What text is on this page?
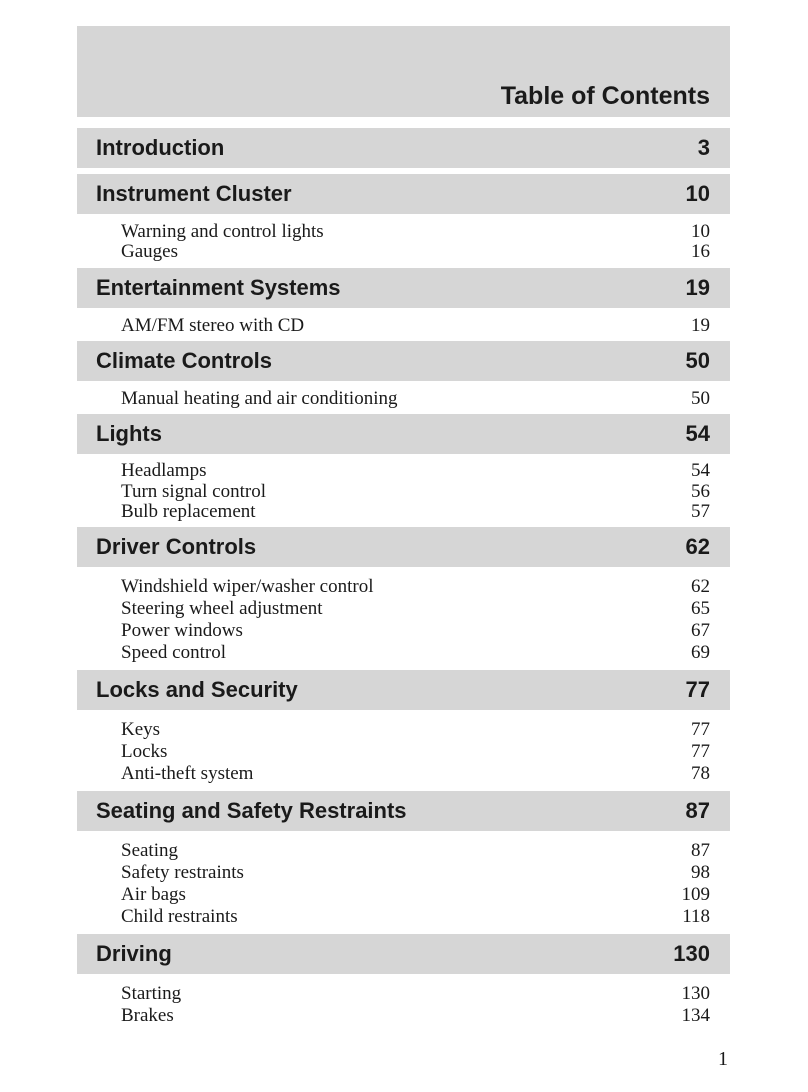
Table of Contents
Introduction	3
Instrument Cluster	10
Warning and control lights	10
Gauges	16
Entertainment Systems	19
AM/FM stereo with CD	19
Climate Controls	50
Manual heating and air conditioning	50
Lights	54
Headlamps	54
Turn signal control	56
Bulb replacement	57
Driver Controls	62
Windshield wiper/washer control	62
Steering wheel adjustment	65
Power windows	67
Speed control	69
Locks and Security	77
Keys	77
Locks	77
Anti-theft system	78
Seating and Safety Restraints	87
Seating	87
Safety restraints	98
Air bags	109
Child restraints	118
Driving	130
Starting	130
Brakes	134
1
